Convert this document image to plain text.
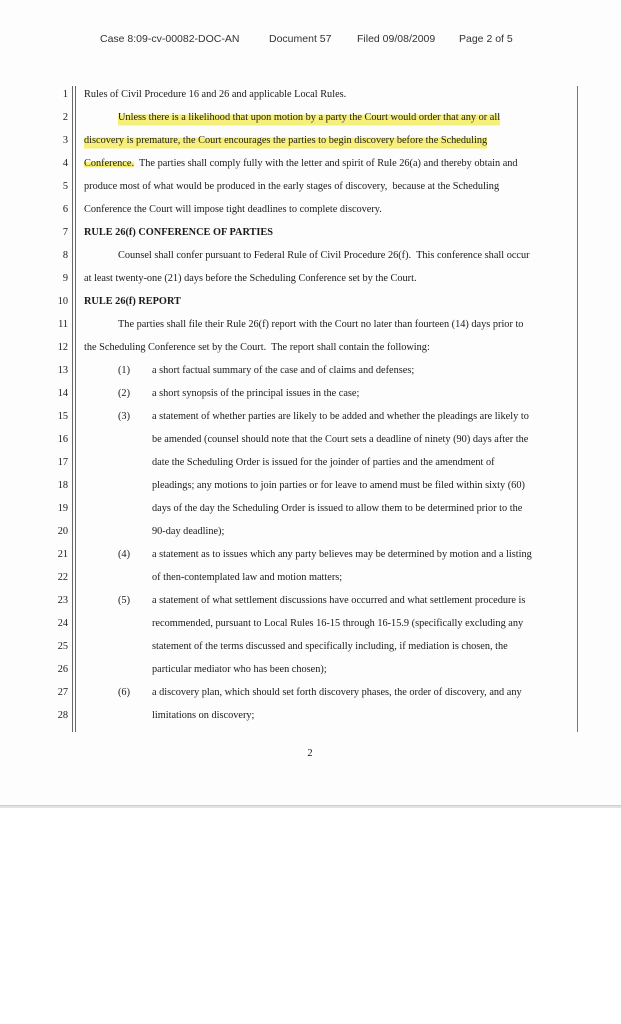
Case 8:09-cv-00082-DOC-AN	Document 57 Filed 09/08/2009 Page 2 of 5
1 Rules of Civil Procedure 16 and 26 and applicable Local Rules.
2	Unless there is a likelihood that upon motion by a party the Court would order that any or all
3 discovery is premature, the Court encourages the parties to begin discovery before the Scheduling
4 Conference.  The parties shall comply fully with the letter and spirit of Rule 26(a) and thereby obtain and
5 produce most of what would be produced in the early stages of discovery,  because at the Scheduling
6 Conference the Court will impose tight deadlines to complete discovery.
7 RULE 26(f) CONFERENCE OF PARTIES
8	Counsel shall confer pursuant to Federal Rule of Civil Procedure 26(f).  This conference shall occur
9 at least twenty-one (21) days before the Scheduling Conference set by the Court.
10 RULE 26(f) REPORT
11	The parties shall file their Rule 26(f) report with the Court no later than fourteen (14) days prior to
12 the Scheduling Conference set by the Court.  The report shall contain the following:
13	(1) a short factual summary of the case and of claims and defenses;
14	(2) a short synopsis of the principal issues in the case;
15	(3) a statement of whether parties are likely to be added and whether the pleadings are likely to
16	be amended (counsel should note that the Court sets a deadline of ninety (90) days after the
17	date the Scheduling Order is issued for the joinder of parties and the amendment of
18	pleadings; any motions to join parties or for leave to amend must be filed within sixty (60)
19	days of the day the Scheduling Order is issued to allow them to be determined prior to the
20	90-day deadline);
21	(4) a statement as to issues which any party believes may be determined by motion and a listing
22	of then-contemplated law and motion matters;
23	(5) a statement of what settlement discussions have occurred and what settlement procedure is
24	recommended, pursuant to Local Rules 16-15 through 16-15.9 (specifically excluding any
25	statement of the terms discussed and specifically including, if mediation is chosen, the
26	particular mediator who has been chosen);
27	(6) a discovery plan, which should set forth discovery phases, the order of discovery, and any
28	limitations on discovery;
2
